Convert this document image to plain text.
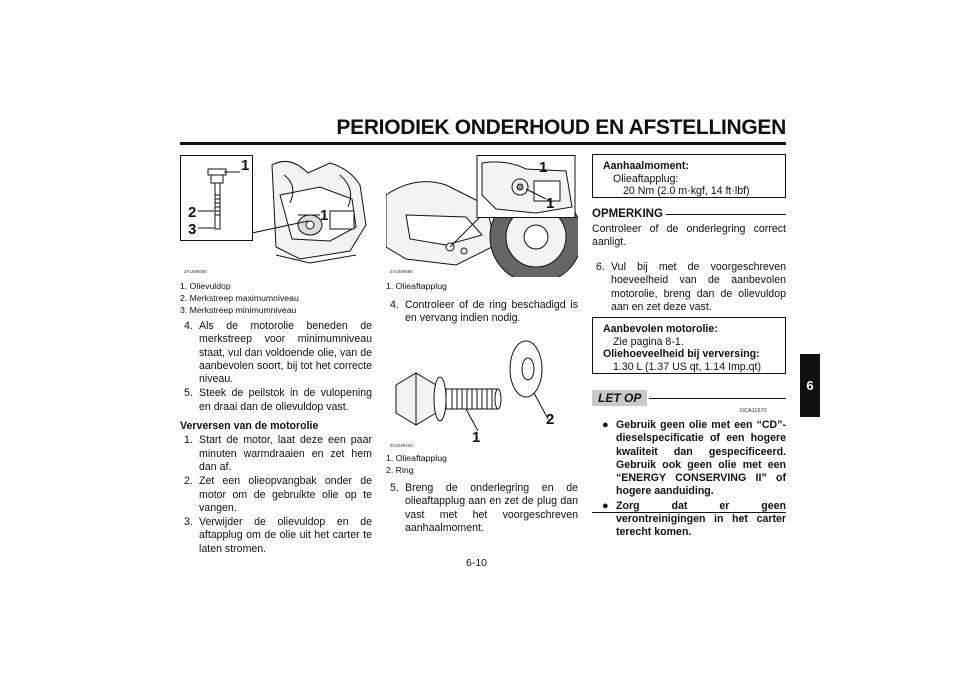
PERIODIEK ONDERHOUD EN AFSTELLINGEN
6
1
2
3
1
ZAUM0680
1. Olievuldop
2. Merkstreep maximumniveau
3. Merkstreep minimumniveau
4. Als de motorolie beneden de merkstreep voor minimumniveau staat, vul dan voldoende olie, van de aanbevolen soort, bij tot het correcte niveau.
5. Steek de peilstok in de vulopening en draai dan de olievuldop vast.
Verversen van de motorolie
1. Start de motor, laat deze een paar minuten warmdraaien en zet hem dan af.
2. Zet een olieopvangbak onder de motor om de gebruikte olie op te vangen.
3. Verwijder de olievuldop en de aftapplug om de olie uit het carter te laten stromen.
1
1
ZAUM0686
1. Olieaftapplug
4. Controleer of de ring beschadigd is en vervang indien nodig.
1
2
ZAUM0130
1. Olieaftapplug
2. Ring
5. Breng de onderlegring en de olieaftapplug aan en zet de plug dan vast met het voorgeschreven aanhaalmoment.
Aanhaalmoment:
Olieaftapplug:
20 Nm (2.0 m·kgf, 14 ft·lbf)
OPMERKING
Controleer of de onderlegring correct aanligt.
6. Vul bij met de voorgeschreven hoeveelheid van de aanbevolen motorolie, breng dan de olievuldop aan en zet deze vast.
Aanbevolen motorolie:
Zie pagina 8-1.
Oliehoeveelheid bij verversing:
1.30 L (1.37 US qt, 1.14 Imp.qt)
LET OP
DCA11670
● Gebruik geen olie met een “CD”-dieselspecificatie of een hogere kwaliteit dan gespecificeerd. Gebruik ook geen olie met een “ENERGY CONSERVING II” of hogere aanduiding.
● Zorg dat er geen verontreinigingen in het carter terecht komen.
6-10
